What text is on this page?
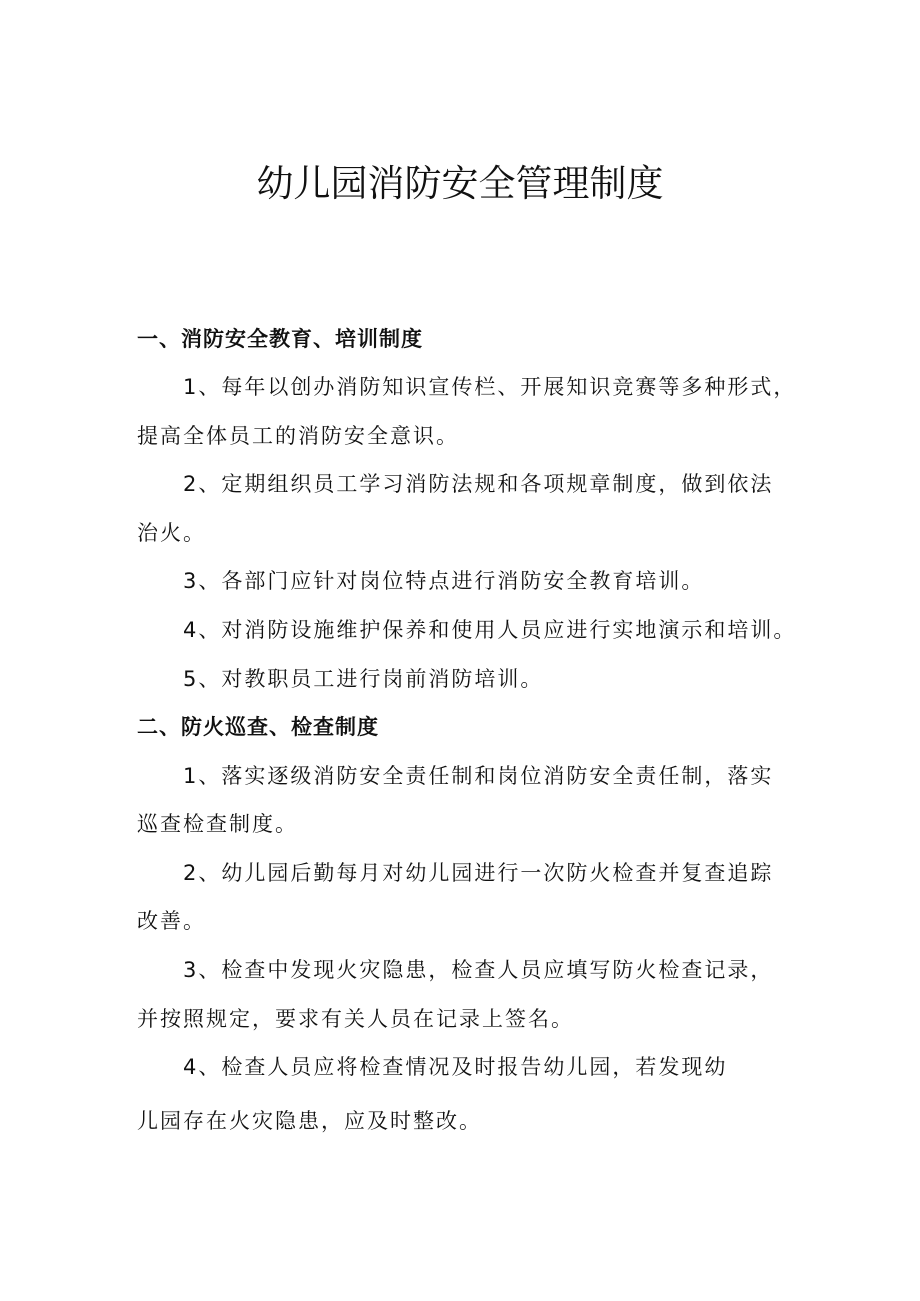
幼儿园消防安全管理制度
一、消防安全教育、培训制度
1、每年以创办消防知识宣传栏、开展知识竞赛等多种形式，
提高全体员工的消防安全意识。
2、定期组织员工学习消防法规和各项规章制度，做到依法
治火。
3、各部门应针对岗位特点进行消防安全教育培训。
4、对消防设施维护保养和使用人员应进行实地演示和培训。
5、对教职员工进行岗前消防培训。
二、防火巡查、检查制度
1、落实逐级消防安全责任制和岗位消防安全责任制，落实
巡查检查制度。
2、幼儿园后勤每月对幼儿园进行一次防火检查并复查追踪
改善。
3、检查中发现火灾隐患，检查人员应填写防火检查记录，
并按照规定，要求有关人员在记录上签名。
4、检查人员应将检查情况及时报告幼儿园，若发现幼
儿园存在火灾隐患，应及时整改。
